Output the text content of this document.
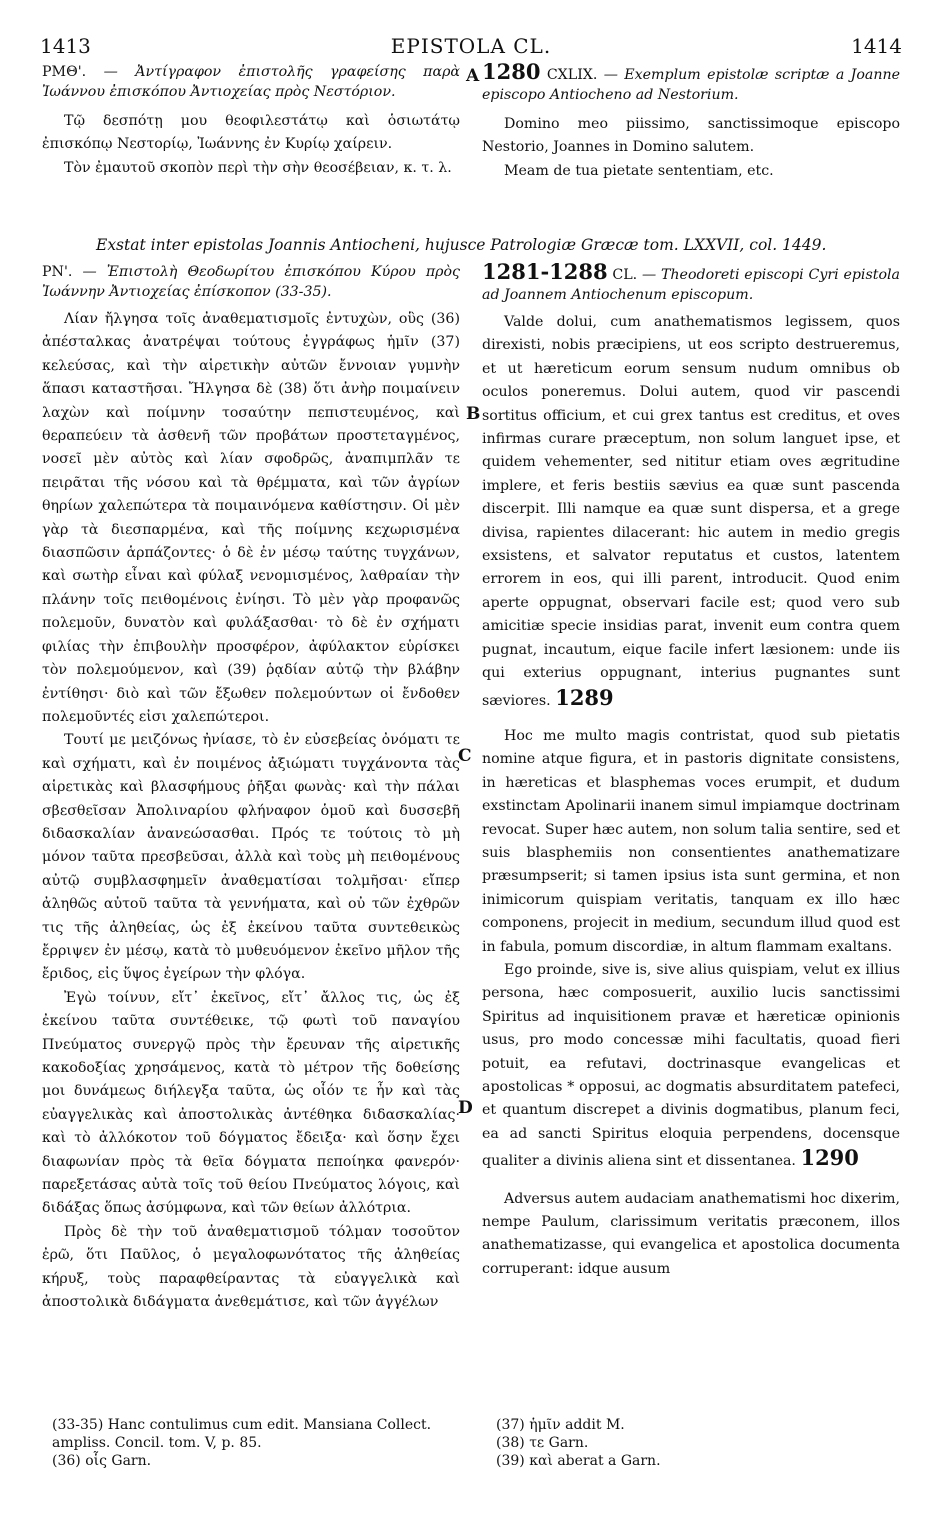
1413	EPISTOLA CL.	1414

ΡΜΘ'. — Ἀντίγραφον ἐπιστολῆς γραφείσης παρὰ Ἰωάννου ἐπισκόπου Ἀντιοχείας πρὸς Νεστόριον.

Τῷ δεσπότῃ μου θεοφιλεστάτῳ καὶ ὁσιωτάτῳ ἐπισκόπῳ Νεστορίῳ, Ἰωάννης ἐν Κυρίῳ χαίρειν.

Τὸν ἐμαυτοῦ σκοπὸν περὶ τὴν σὴν θεοσέβειαν, κ. τ. λ.

A 1280 CXLIX. — Exemplum epistolæ scriptæ a Joanne episcopo Antiocheno ad Nestorium.

Domino meo piissimo, sanctissimoque episcopo Nestorio, Joannes in Domino salutem.

Meam de tua pietate sententiam, etc.

Exstat inter epistolas Joannis Antiocheni, hujusce Patrologiæ Græcæ tom. LXXVII, col. 1449.

ΡΝ'. — Ἐπιστολὴ Θεοδωρίτου ἐπισκόπου Κύρου πρὸς Ἰωάννην Ἀντιοχείας ἐπίσκοπον (33-35).

Λίαν ἤλγησα τοῖς ἀναθεματισμοῖς ἐντυχὼν, οὓς (36) ἀπέσταλκας ἀνατρέψαι τούτους ἐγγράφως ἡμῖν (37) κελεύσας, καὶ τὴν αἱρετικὴν αὐτῶν ἔννοιαν γυμνὴν ἅπασι καταστῆσαι. Ἤλγησα δὲ (38) ὅτι ἀνὴρ ποιμαίνειν λαχὼν καὶ ποίμνην τοσαύτην πεπιστευμένος, καὶ θεραπεύειν τὰ ἀσθενῆ τῶν προβάτων προστεταγμένος, νοσεῖ μὲν αὐτὸς καὶ λίαν σφοδρῶς, ἀναπιμπλᾶν τε πειρᾶται τῆς νόσου καὶ τὰ θρέμματα, καὶ τῶν ἀγρίων θηρίων χαλεπώτερα τὰ ποιμαινόμενα καθίστησιν. Οἱ μὲν γὰρ τὰ διεσπαρμένα, καὶ τῆς ποίμνης κεχωρισμένα διασπῶσιν ἁρπάζοντες· ὁ δὲ ἐν μέσῳ ταύτης τυγχάνων, καὶ σωτὴρ εἶναι καὶ φύλαξ νενομισμένος, λαθραίαν τὴν πλάνην τοῖς πειθομένοις ἐνίησι. Τὸ μὲν γὰρ προφανῶς πολεμοῦν, δυνατὸν καὶ φυλάξασθαι· τὸ δὲ ἐν σχήματι φιλίας τὴν ἐπιβουλὴν προσφέρον, ἀφύλακτον εὑρίσκει τὸν πολεμούμενον, καὶ (39) ῥᾳδίαν αὐτῷ τὴν βλάβην ἐντίθησι· διὸ καὶ τῶν ἔξωθεν πολεμούντων οἱ ἔνδοθεν πολεμοῦντές εἰσι χαλεπώτεροι.

Τουτί με μειζόνως ἠνίασε, τὸ ἐν εὐσεβείας ὀνόματι τε καὶ σχήματι, καὶ ἐν ποιμένος ἀξιώματι τυγχάνοντα τὰς αἱρετικὰς καὶ βλασφήμους ῥῆξαι φωνὰς· καὶ τὴν πάλαι σβεσθεῖσαν Ἀπολιναρίου φλήναφον ὁμοῦ καὶ δυσσεβῆ διδασκαλίαν ἀνανεώσασθαι. Πρός τε τούτοις τὸ μὴ μόνον ταῦτα πρεσβεῦσαι, ἀλλὰ καὶ τοὺς μὴ πειθομένους αὐτῷ συμβλασφημεῖν ἀναθεματίσαι τολμῆσαι· εἴπερ ἀληθῶς αὐτοῦ ταῦτα τὰ γεννήματα, καὶ οὐ τῶν ἐχθρῶν τις τῆς ἀληθείας, ὡς ἐξ ἐκείνου ταῦτα συντεθεικὼς ἔρριψεν ἐν μέσῳ, κατὰ τὸ μυθευόμενον ἐκεῖνο μῆλον τῆς ἔριδος, εἰς ὕψος ἐγείρων τὴν φλόγα.

Ἐγὼ τοίνυν, εἴτ᾽ ἐκεῖνος, εἴτ᾽ ἄλλος τις, ὡς ἐξ ἐκείνου ταῦτα συντέθεικε, τῷ φωτὶ τοῦ παναγίου Πνεύματος συνεργῷ πρὸς τὴν ἔρευναν τῆς αἱρετικῆς κακοδοξίας χρησάμενος, κατὰ τὸ μέτρον τῆς δοθείσης μοι δυνάμεως διήλεγξα ταῦτα, ὡς οἷόν τε ἦν καὶ τὰς εὐαγγελικὰς καὶ ἀποστολικὰς ἀντέθηκα διδασκαλίας· καὶ τὸ ἀλλόκοτον τοῦ δόγματος ἔδειξα· καὶ ὅσην ἔχει διαφωνίαν πρὸς τὰ θεῖα δόγματα πεποίηκα φανερόν· παρεξετάσας αὐτὰ τοῖς τοῦ θείου Πνεύματος λόγοις, καὶ διδάξας ὅπως ἀσύμφωνα, καὶ τῶν θείων ἀλλότρια.

Πρὸς δὲ τὴν τοῦ ἀναθεματισμοῦ τόλμαν τοσοῦτον ἐρῶ, ὅτι Παῦλος, ὁ μεγαλοφωνότατος τῆς ἀληθείας κήρυξ, τοὺς παραφθείραντας τὰ εὐαγγελικὰ καὶ ἀποστολικὰ διδάγματα ἀνεθεμάτισε, καὶ τῶν ἀγγέλων

B
C
D

1281-1288 CL. — Theodoreti episcopi Cyri epistola ad Joannem Antiochenum episcopum.

Valde dolui, cum anathematismos legissem, quos direxisti, nobis præcipiens, ut eos scripto destrueremus, et ut hæreticum eorum sensum nudum omnibus ob oculos poneremus. Dolui autem, quod vir pascendi sortitus officium, et cui grex tantus est creditus, et oves infirmas curare præceptum, non solum languet ipse, et quidem vehementer, sed nititur etiam oves ægritudine implere, et feris bestiis sævius ea quæ sunt pascenda discerpit. Illi namque ea quæ sunt dispersa, et a grege divisa, rapientes dilacerant: hic autem in medio gregis exsistens, et salvator reputatus et custos, latentem errorem in eos, qui illi parent, introducit. Quod enim aperte oppugnat, observari facile est; quod vero sub amicitiæ specie insidias parat, invenit eum contra quem pugnat, incautum, eique facile infert læsionem: unde iis qui exterius oppugnant, interius pugnantes sunt sæviores. 1289

Hoc me multo magis contristat, quod sub pietatis nomine atque figura, et in pastoris dignitate consistens, in hæreticas et blasphemas voces erumpit, et dudum exstinctam Apolinarii inanem simul impiamque doctrinam revocat. Super hæc autem, non solum talia sentire, sed et suis blasphemiis non consentientes anathematizare præsumpserit; si tamen ipsius ista sunt germina, et non inimicorum quispiam veritatis, tanquam ex illo hæc componens, projecit in medium, secundum illud quod est in fabula, pomum discordiæ, in altum flammam exaltans.

Ego proinde, sive is, sive alius quispiam, velut ex illius persona, hæc composuerit, auxilio lucis sanctissimi Spiritus ad inquisitionem pravæ et hæreticæ opinionis usus, pro modo concessæ mihi facultatis, quoad fieri potuit, ea refutavi, doctrinasque evangelicas et apostolicas * opposui, ac dogmatis absurditatem patefeci, et quantum discrepet a divinis dogmatibus, planum feci, ea ad sancti Spiritus eloquia perpendens, docensque qualiter a divinis aliena sint et dissentanea. 1290

Adversus autem audaciam anathematismi hoc dixerim, nempe Paulum, clarissimum veritatis præconem, illos anathematizasse, qui evangelica et apostolica documenta corruperant: idque ausum

(33-35) Hanc contulimus cum edit. Mansiana Collect. ampliss. Concil. tom. V, p. 85.
(36) οἷς Garn.
(37) ἡμῖν addit M.
(38) τε Garn.
(39) καὶ aberat a Garn.
